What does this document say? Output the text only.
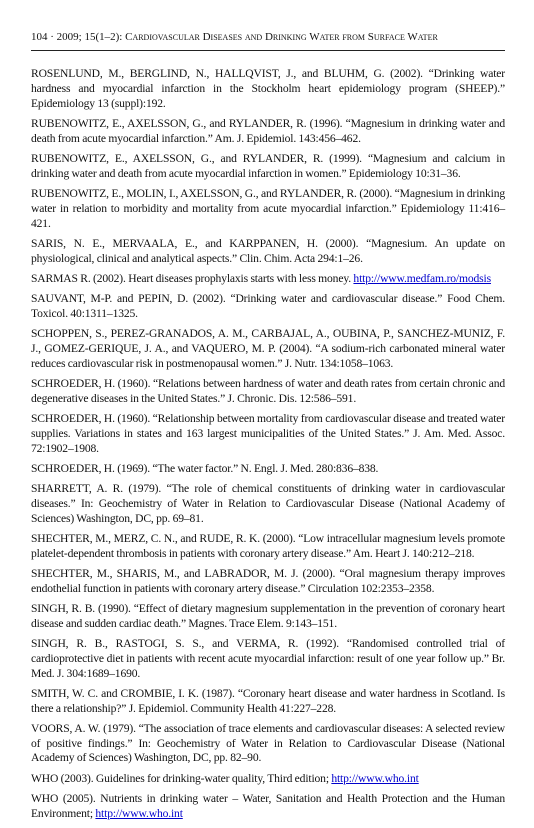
104 · 2009; 15(1–2): Cardiovascular Diseases and Drinking Water from Surface Water

ROSENLUND, M., BERGLIND, N., HALLQVIST, J., and BLUHM, G. (2002). “Drinking water hardness and myocardial infarction in the Stockholm heart epidemiology program (SHEEP).” Epidemiology 13 (suppl):192.

RUBENOWITZ, E., AXELSSON, G., and RYLANDER, R. (1996). “Magnesium in drinking water and death from acute myocardial infarction.” Am. J. Epidemiol. 143:456–462.

RUBENOWITZ, E., AXELSSON, G., and RYLANDER, R. (1999). “Magnesium and calcium in drinking water and death from acute myocardial infarction in women.” Epidemiology 10:31–36.

RUBENOWITZ, E., MOLIN, I., AXELSSON, G., and RYLANDER, R. (2000). “Magnesium in drinking water in relation to morbidity and mortality from acute myocardial infarction.” Epidemiology 11:416–421.

SARIS, N. E., MERVAALA, E., and KARPPANEN, H. (2000). “Magnesium. An update on physiological, clinical and analytical aspects.” Clin. Chim. Acta 294:1–26.

SARMAS R. (2002). Heart diseases prophylaxis starts with less money. http://www.medfam.ro/modsis

SAUVANT, M-P. and PEPIN, D. (2002). “Drinking water and cardiovascular disease.” Food Chem. Toxicol. 40:1311–1325.

SCHOPPEN, S., PEREZ-GRANADOS, A. M., CARBAJAL, A., OUBINA, P., SANCHEZ-MUNIZ, F. J., GOMEZ-GERIQUE, J. A., and VAQUERO, M. P. (2004). “A sodium-rich carbonated mineral water reduces cardiovascular risk in postmenopausal women.” J. Nutr. 134:1058–1063.

SCHROEDER, H. (1960). “Relations between hardness of water and death rates from certain chronic and degenerative diseases in the United States.” J. Chronic. Dis. 12:586–591.

SCHROEDER, H. (1960). “Relationship between mortality from cardiovascular disease and treated water supplies. Variations in states and 163 largest municipalities of the United States.” J. Am. Med. Assoc. 72:1902–1908.

SCHROEDER, H. (1969). “The water factor.” N. Engl. J. Med. 280:836–838.

SHARRETT, A. R. (1979). “The role of chemical constituents of drinking water in cardiovascular diseases.” In: Geochemistry of Water in Relation to Cardiovascular Disease (National Academy of Sciences) Washington, DC, pp. 69–81.

SHECHTER, M., MERZ, C. N., and RUDE, R. K. (2000). “Low intracellular magnesium levels promote platelet-dependent thrombosis in patients with coronary artery disease.” Am. Heart J. 140:212–218.

SHECHTER, M., SHARIS, M., and LABRADOR, M. J. (2000). “Oral magnesium therapy improves endothelial function in patients with coronary artery disease.” Circulation 102:2353–2358.

SINGH, R. B. (1990). “Effect of dietary magnesium supplementation in the prevention of coronary heart disease and sudden cardiac death.” Magnes. Trace Elem. 9:143–151.

SINGH, R. B., RASTOGI, S. S., and VERMA, R. (1992). “Randomised controlled trial of cardioprotective diet in patients with recent acute myocardial infarction: result of one year follow up.” Br. Med. J. 304:1689–1690.

SMITH, W. C. and CROMBIE, I. K. (1987). “Coronary heart disease and water hardness in Scotland. Is there a relationship?” J. Epidemiol. Community Health 41:227–228.

VOORS, A. W. (1979). “The association of trace elements and cardiovascular diseases: A selected review of positive findings.” In: Geochemistry of Water in Relation to Cardiovascular Disease (National Academy of Sciences) Washington, DC, pp. 82–90.

WHO (2003). Guidelines for drinking-water quality, Third edition; http://www.who.int

WHO (2005). Nutrients in drinking water – Water, Sanitation and Health Protection and the Human Environment; http://www.who.int
